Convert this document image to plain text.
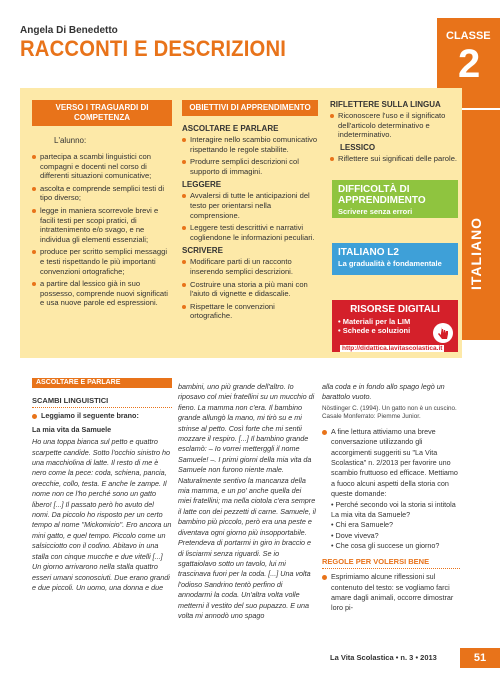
Angela Di Benedetto
RACCONTI E DESCRIZIONI	CLASSE
2
ITALIANO
VERSO I TRAGUARDI DI COMPETENZA
L'alunno:
partecipa a scambi linguistici con compagni e docenti nel corso di differenti situazioni comunicative;
ascolta e comprende semplici testi di tipo diverso;
legge in maniera scorrevole brevi e facili testi per scopi pratici, di intrattenimento e/o svago, e ne individua gli elementi essenziali;
produce per scritto semplici messaggi e testi rispettando le più importanti convenzioni ortografiche;
a partire dal lessico già in suo possesso, comprende nuovi significati e usa nuove parole ed espressioni.
OBIETTIVI DI APPRENDIMENTO
ASCOLTARE E PARLARE
Interagire nello scambio comunicativo rispettando le regole stabilite.
Produrre semplici descrizioni col supporto di immagini.
LEGGERE
Avvalersi di tutte le anticipazioni del testo per orientarsi nella comprensione.
Leggere testi descrittivi e narrativi cogliendone le informazioni peculiari.
SCRIVERE
Modificare parti di un racconto inserendo semplici descrizioni.
Costruire una storia a più mani con l'aiuto di vignette e didascalie.
Rispettare le convenzioni ortografiche.
RIFLETTERE SULLA LINGUA
Riconoscere l'uso e il significato dell'articolo determinativo e indeterminativo.
LESSICO
Riflettere sui significati delle parole.
DIFFICOLTÀ DI APPRENDIMENTO
Scrivere senza errori
ITALIANO L2
La gradualità è fondamentale
RISORSE DIGITALI
• Materiali per la LIM
• Schede e soluzioni
http://didattica.lavitascolastica.it
ASCOLTARE E PARLARE
SCAMBI LINGUISTICI
Leggiamo il seguente brano:
La mia vita da Samuele
Ho una toppa bianca sul petto e quattro scarpette candide. Sotto l'occhio sinistro ho una macchiolina di latte. Il resto di me è nero come la pece: coda, schiena, pancia, orecchie, collo, testa. E anche le zampe. Il nome non ce l'ho perché sono un gatto libero! [...] Il passato però ho avuto del nomi. Da piccolo ho risposto per un certo tempo al nome "Mickomicio". Ero ancora un mini gatto, e quel tempo. Piccolo come un salsicciotto con il codino. Abitavo in una stalla con cinque mucche e due vitelli [...] Un giorno arrivarono nella stalla quattro esseri umani sconosciuti. Due erano grandi e due piccoli. Un uomo, una donna e due
bambini, uno più grande dell'altro. Io riposavo col miei fratellini su un mucchio di fieno. La mamma non c'era. Il bambino grande allungò la mano, mi tirò su e mi strinse al petto. Così forte che mi sentii mozzare il respiro. [...] Il bambino grande esclamò: – Io vorrei metterggli il nome Samuele! –. I primi giorni della mia vita da Samuele non furono niente male. Naturalmente sentivo la mancanza della mia mamma, e un po' anche quella dei miei fratellini; ma nella ciotola c'era sempre il latte con dei pezzetti di carne. Samuele, il bambino più piccolo, però era una peste e diventava ogni giorno più insopportabile. Pretendeva di portarmi in giro in braccio e di lisciarmi senza riguardi. Se io sgattaiolavo sotto un tavolo, lui mi trascinava fuori per la coda. [...] Una volta l'odioso Sandrino tentò perfino di annodarmi la coda. Un'altra volta volle metterni il vestito del suo pupazzo. E una volta mi annodò uno spago
alla coda e in fondo allo spago legò un barattolo vuoto.
Nöstlinger C. (1994). Un gatto non è un cuscino. Casale Monferrato: Piemme Junior.
A fine lettura attiviamo una breve conversazione utilizzando gli accorgimenti suggeriti su "La Vita Scolastica" n. 2/2013 per favorire uno scambio fruttuoso ed efficace. Mettiamo a fuoco alcuni aspetti della storia con queste domande:
• Perché secondo voi la storia si intitola La mia vita da Samuele?
• Chi era Samuele?
• Dove viveva?
• Che cosa gli succese un giorno?
REGOLE PER VOLERSI BENE
Esprimiamo alcune riflessioni sul contenuto del testo: se vogliamo farci amare dagli animali, occorre dimostrar loro pi-
La Vita Scolastica • n. 3 • 2013	51
